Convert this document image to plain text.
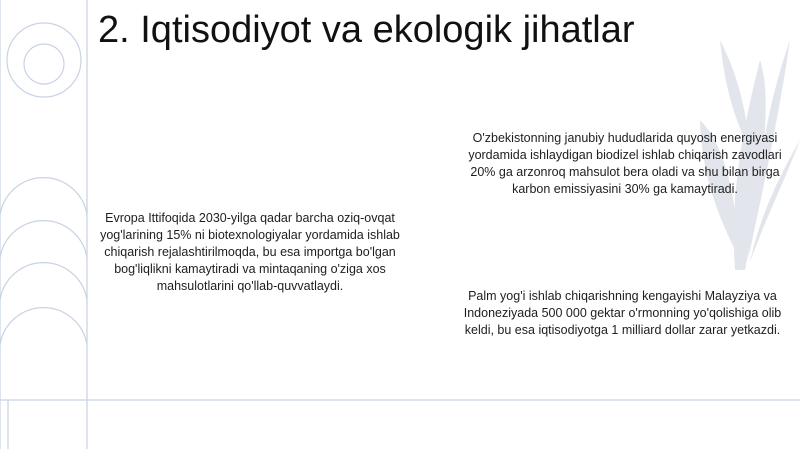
2. Iqtisodiyot va ekologik jihatlar

Evropa Ittifoqida 2030-yilga qadar barcha oziq-ovqat yog'larining 15% ni biotexnologiyalar yordamida ishlab chiqarish rejalashtirilmoqda, bu esa importga bo'lgan bog'liqlikni kamaytiradi va mintaqaning o'ziga xos mahsulotlarini qo'llab-quvvatlaydi.

O'zbekistonning janubiy hududlarida quyosh energiyasi yordamida ishlaydigan biodizel ishlab chiqarish zavodlari 20% ga arzonroq mahsulot bera oladi va shu bilan birga karbon emissiyasini 30% ga kamaytiradi.

Palm yog'i ishlab chiqarishning kengayishi Malayziya va Indoneziyada 500 000 gektar o'rmonning yo'qolishiga olib keldi, bu esa iqtisodiyotga 1 milliard dollar zarar yetkazdi.
